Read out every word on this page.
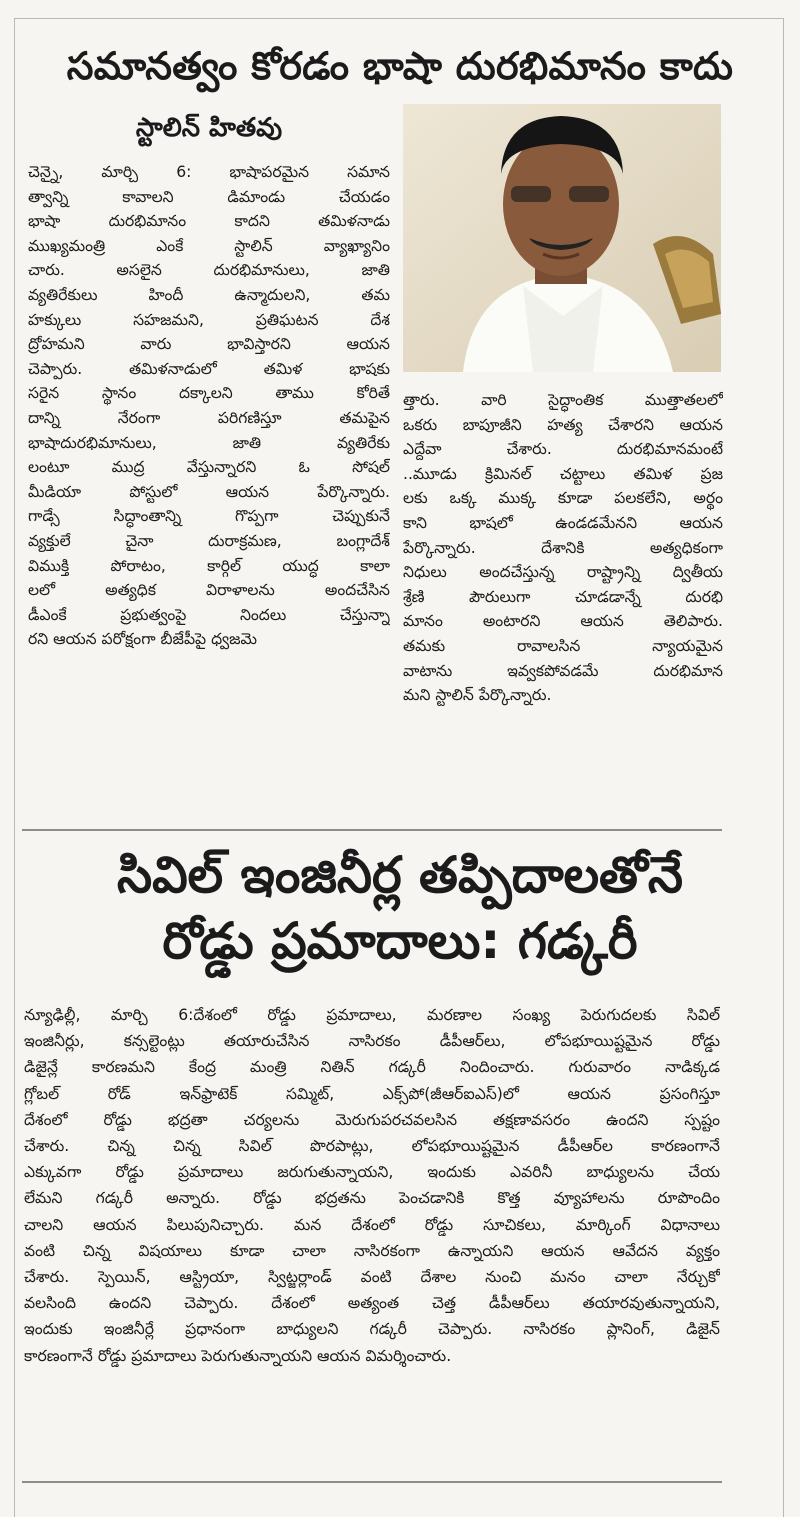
సమానత్వం కోరడం భాషా దురభిమానం కాదు
స్టాలిన్ హితవు
చెన్నై, మార్చి 6: భాషాపరమైన సమాన
త్వాన్ని కావాలని డిమాండు చేయడం
భాషా దురభిమానం కాదని తమిళనాడు
ముఖ్యమంత్రి ఎంకే స్టాలిన్ వ్యాఖ్యానిం
చారు. అసలైన దురభిమానులు, జాతి
వ్యతిరేకులు హిందీ ఉన్మాదులని, తమ
హక్కులు సహజమని, ప్రతిఘటన దేశ
ద్రోహమని వారు భావిస్తారని ఆయన
చెప్పారు. తమిళనాడులో తమిళ భాషకు
సరైన స్థానం దక్కాలని తాము కోరితే
దాన్ని నేరంగా పరిగణిస్తూ తమపైన
భాషాదురభిమానులు, జాతి వ్యతిరేకు
లంటూ ముద్ర వేస్తున్నారని ఓ సోషల్
మీడియా పోస్టులో ఆయన పేర్కొన్నారు.
గాడ్సే సిద్ధాంతాన్ని గొప్పగా చెప్పుకునే
వ్యక్తులే చైనా దురాక్రమణ, బంగ్లాదేశ్
విముక్తి పోరాటం, కార్గిల్ యుద్ధ కాలా
లలో అత్యధిక విరాళాలను అందచేసిన
డీఎంకే ప్రభుత్వంపై నిందలు చేస్తున్నా
రని ఆయన పరోక్షంగా బీజేపీపై ధ్వజమె
త్తారు. వారి సైద్ధాంతిక ముత్తాతలలో
ఒకరు బాపూజీని హత్య చేశారని ఆయన
ఎద్దేవా చేశారు. దురభిమానమంటే
..మూడు క్రిమినల్ చట్టాలు తమిళ ప్రజ
లకు ఒక్క ముక్క కూడా పలకలేని, అర్థం
కాని భాషలో ఉండడమేనని ఆయన
పేర్కొన్నారు. దేశానికి అత్యధికంగా
నిధులు అందచేస్తున్న రాష్ట్రాన్ని ద్వితీయ
శ్రేణి పౌరులుగా చూడడాన్నే దురభి
మానం అంటారని ఆయన తెలిపారు.
తమకు రావాలసిన న్యాయమైన
వాటాను ఇవ్వకపోవడమే దురభిమాన
మని స్టాలిన్ పేర్కొన్నారు.
సివిల్ ఇంజినీర్ల తప్పిదాలతోనే
రోడ్డు ప్రమాదాలు: గడ్కరీ
న్యూఢిల్లీ, మార్చి 6:దేశంలో రోడ్డు ప్రమాదాలు, మరణాల సంఖ్య పెరుగుదలకు సివిల్
ఇంజినీర్లు, కన్సల్టెంట్లు తయారుచేసిన నాసిరకం డీపీఆర్‌లు, లోపభూయిష్టమైన రోడ్డు
డిజైన్లే కారణమని కేంద్ర మంత్రి నితిన్ గడ్కరీ నిందించారు. గురువారం నాడిక్కడ
గ్లోబల్ రోడ్ ఇన్‌ఫ్రాటెక్ సమ్మిట్, ఎక్స్‌పో(జీఆర్ఐఎస్)లో ఆయన ప్రసంగిస్తూ
దేశంలో రోడ్డు భద్రతా చర్యలను మెరుగుపరచవలసిన తక్షణావసరం ఉందని స్పష్టం
చేశారు. చిన్న చిన్న సివిల్ పొరపాట్లు, లోపభూయిష్టమైన డీపీఆర్‌ల కారణంగానే
ఎక్కువగా రోడ్డు ప్రమాదాలు జరుగుతున్నాయని, ఇందుకు ఎవరినీ బాధ్యులను చేయ
లేమని గడ్కరీ అన్నారు. రోడ్డు భద్రతను పెంచడానికి కొత్త వ్యూహాలను రూపొందిం
చాలని ఆయన పిలుపునిచ్చారు. మన దేశంలో రోడ్డు సూచికలు, మార్కింగ్ విధానాలు
వంటి చిన్న విషయాలు కూడా చాలా నాసిరకంగా ఉన్నాయని ఆయన ఆవేదన వ్యక్తం
చేశారు. స్పెయిన్, ఆస్ట్రియా, స్విట్జర్లాండ్ వంటి దేశాల నుంచి మనం చాలా నేర్చుకో
వలసింది ఉందని చెప్పారు. దేశంలో అత్యంత చెత్త డీపీఆర్‌లు తయారవుతున్నాయని,
ఇందుకు ఇంజినీర్లే ప్రధానంగా బాధ్యులని గడ్కరీ చెప్పారు. నాసిరకం ప్లానింగ్, డిజైన్
కారణంగానే రోడ్డు ప్రమాదాలు పెరుగుతున్నాయని ఆయన విమర్శించారు.
